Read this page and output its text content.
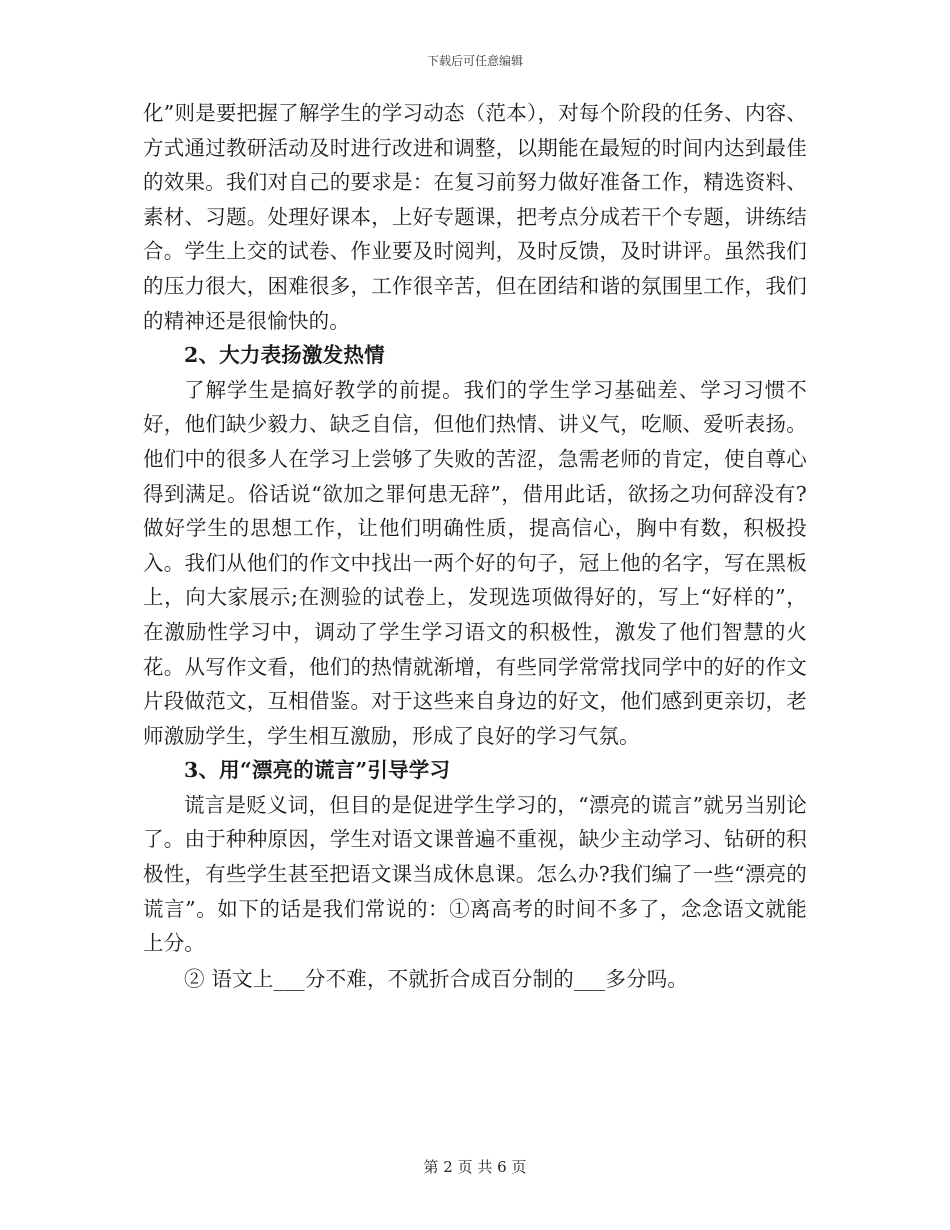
下载后可任意编辑

化”则是要把握了解学生的学习动态（范本），对每个阶段的任务、内容、方式通过教研活动及时进行改进和调整，以期能在最短的时间内达到最佳的效果。我们对自己的要求是：在复习前努力做好准备工作，精选资料、素材、习题。处理好课本，上好专题课，把考点分成若干个专题，讲练结合。学生上交的试卷、作业要及时阅判，及时反馈，及时讲评。虽然我们的压力很大，困难很多，工作很辛苦，但在团结和谐的氛围里工作，我们的精神还是很愉快的。

2、大力表扬激发热情

了解学生是搞好教学的前提。我们的学生学习基础差、学习习惯不好，他们缺少毅力、缺乏自信，但他们热情、讲义气，吃顺、爱听表扬。他们中的很多人在学习上尝够了失败的苦涩，急需老师的肯定，使自尊心得到满足。俗话说“欲加之罪何患无辞”，借用此话，欲扬之功何辞没有?做好学生的思想工作，让他们明确性质，提高信心，胸中有数，积极投入。我们从他们的作文中找出一两个好的句子，冠上他的名字，写在黑板上，向大家展示;在测验的试卷上，发现选项做得好的，写上“好样的”，在激励性学习中，调动了学生学习语文的积极性，激发了他们智慧的火花。从写作文看，他们的热情就渐增，有些同学常常找同学中的好的作文片段做范文，互相借鉴。对于这些来自身边的好文，他们感到更亲切，老师激励学生，学生相互激励，形成了良好的学习气氛。

3、用“漂亮的谎言”引导学习

谎言是贬义词，但目的是促进学生学习的，“漂亮的谎言”就另当别论了。由于种种原因，学生对语文课普遍不重视，缺少主动学习、钻研的积极性，有些学生甚至把语文课当成休息课。怎么办?我们编了一些“漂亮的谎言”。如下的话是我们常说的：①离高考的时间不多了，念念语文就能上分。

② 语文上___分不难，不就折合成百分制的___多分吗。

第 2 页 共 6 页
